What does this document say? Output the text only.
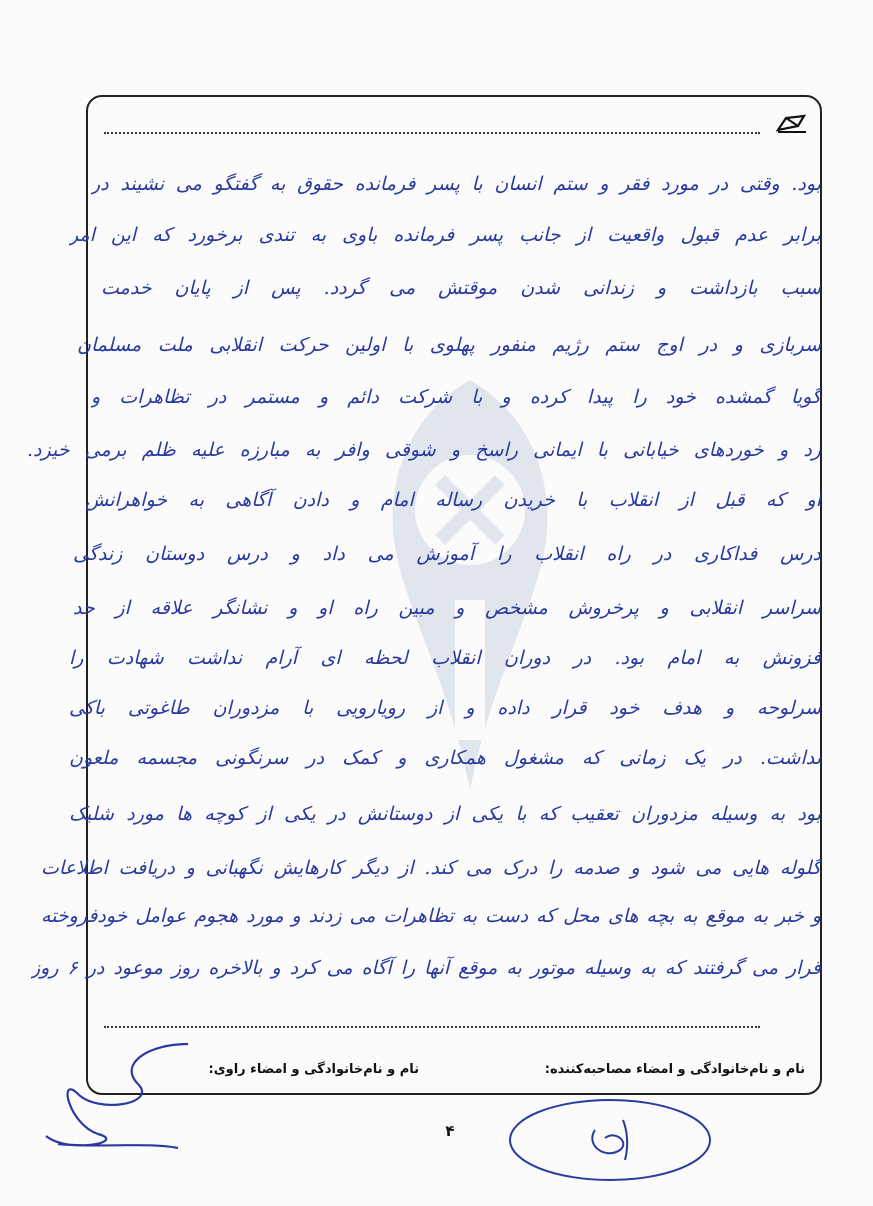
بود. وقتی در مورد فقر و ستم انسان با پسر فرمانده حقوق به گفتگو می نشیند در
برابر عدم قبول واقعیت از جانب پسر فرمانده باوی به تندی برخورد که این امر
سبب بازداشت و زندانی شدن موقتش می گردد. پس از پایان خدمت
سربازی و در اوج ستم رژیم منفور پهلوی با اولین حرکت انقلابی ملت مسلمان
گویا گمشده خود را پیدا کرده و با شرکت دائم و مستمر در تظاهرات و
زد و خوردهای خیابانی با ایمانی راسخ و شوقی وافر به مبارزه علیه ظلم برمی خیزد.
او که قبل از انقلاب با خریدن رساله امام و دادن آگاهی به خواهرانش
درس فداکاری در راه انقلاب را آموزش می داد و درس دوستان زندگی
سراسر انقلابی و پرخروش مشخص و مبین راه او و نشانگر علاقه از حد
فزونش به امام بود. در دوران انقلاب لحظه ای آرام نداشت شهادت را
سرلوحه و هدف خود قرار داده و از رویارویی با مزدوران طاغوتی باکی
نداشت. در یک زمانی که مشغول همکاری و کمک در سرنگونی مجسمه ملعون
بود به وسیله مزدوران تعقیب که با یکی از دوستانش در یکی از کوچه ها مورد شلیک
گلوله هایی می شود و صدمه را درک می کند. از دیگر کارهایش نگهبانی و دریافت اطلاعات
و خبر به موقع به بچه های محل که دست به تظاهرات می زدند و مورد هجوم عوامل خودفروخته
قرار می گرفتند که به وسیله موتور به موقع آنها را آگاه می کرد و بالاخره روز موعود در ۶ روز
نام و نام‌خانوادگی و امضاء مصاحبه‌کننده:
نام و نام‌خانوادگی و امضاء راوی:
۴
